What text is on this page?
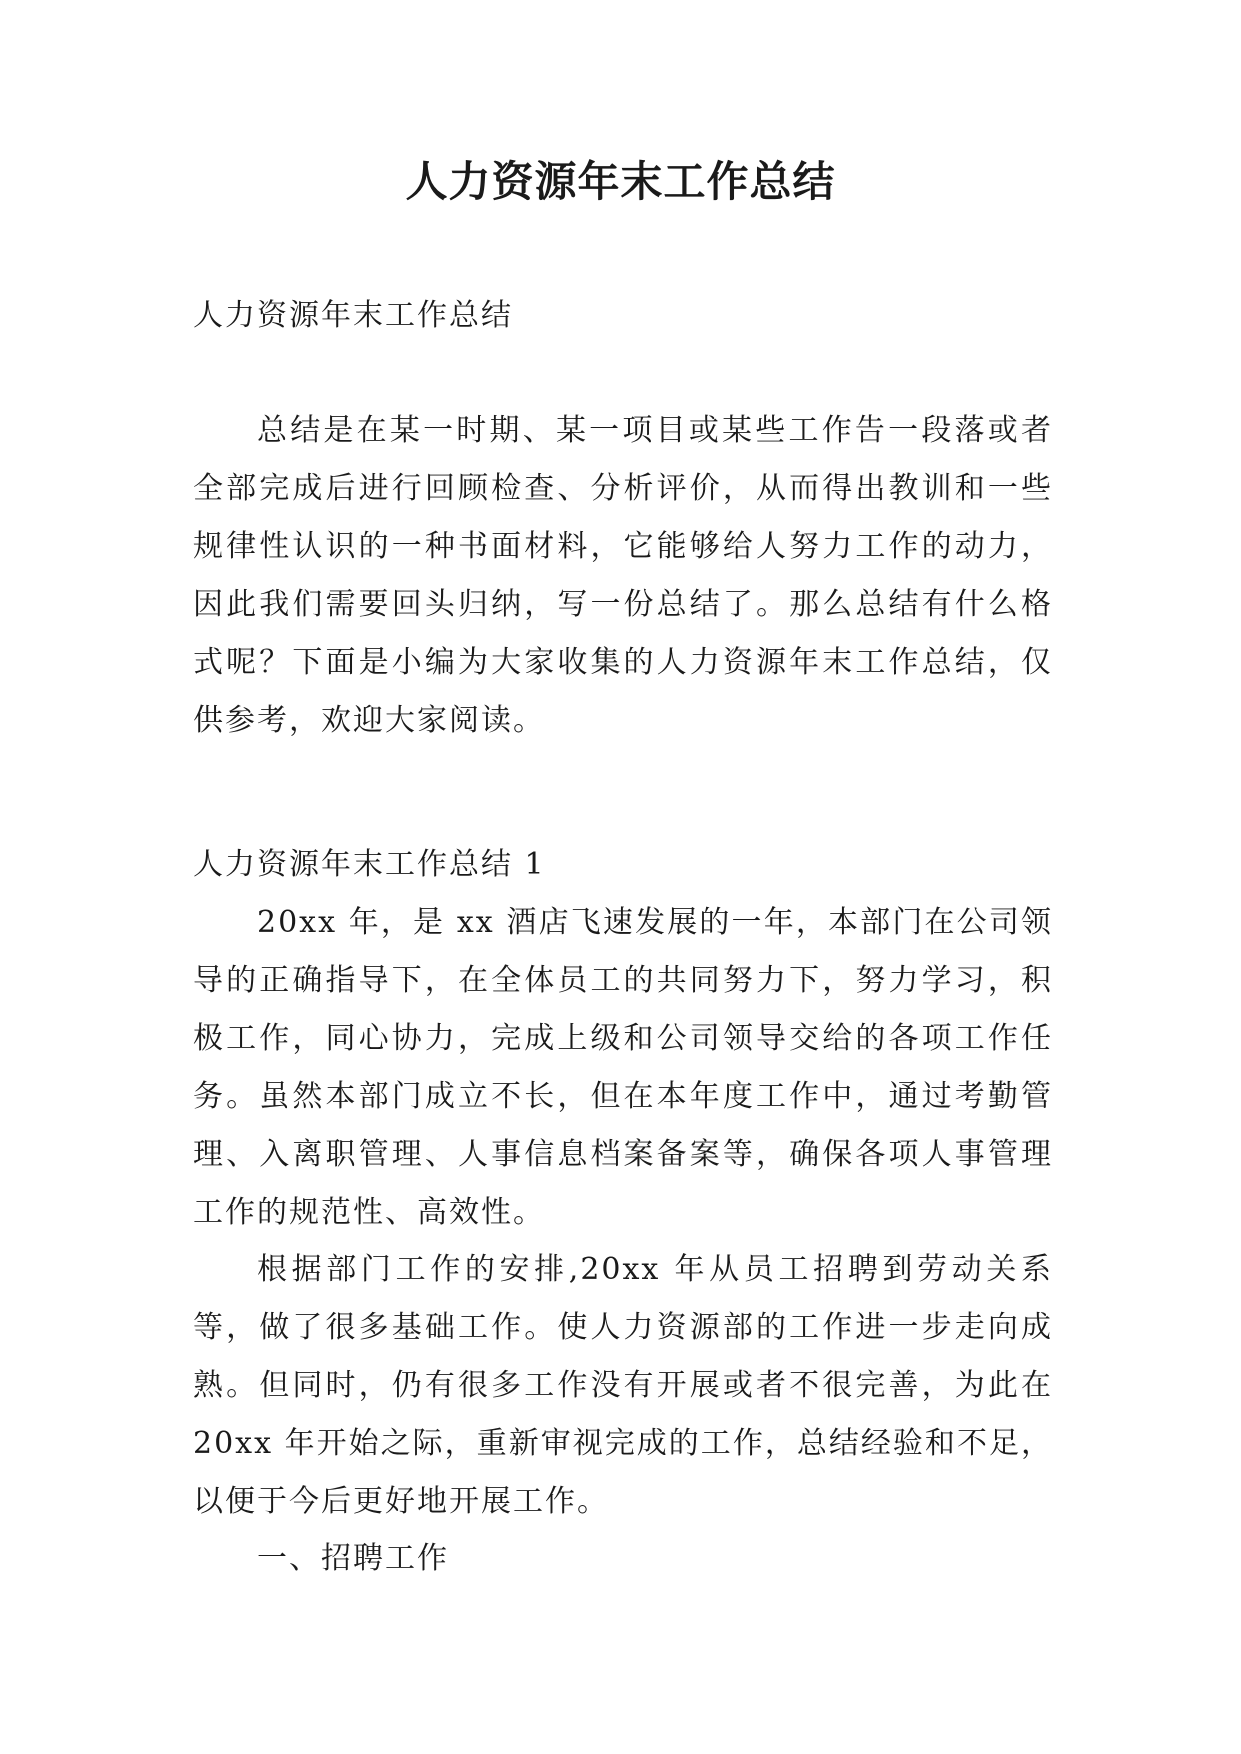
人力资源年末工作总结

人力资源年末工作总结

总结是在某一时期、某一项目或某些工作告一段落或者全部完成后进行回顾检查、分析评价，从而得出教训和一些规律性认识的一种书面材料，它能够给人努力工作的动力，因此我们需要回头归纳，写一份总结了。那么总结有什么格式呢？下面是小编为大家收集的人力资源年末工作总结，仅供参考，欢迎大家阅读。

人力资源年末工作总结 1

20xx 年，是 xx 酒店飞速发展的一年，本部门在公司领导的正确指导下，在全体员工的共同努力下，努力学习，积极工作，同心协力，完成上级和公司领导交给的各项工作任务。虽然本部门成立不长，但在本年度工作中，通过考勤管理、入离职管理、人事信息档案备案等，确保各项人事管理工作的规范性、高效性。

根据部门工作的安排,20xx 年从员工招聘到劳动关系等，做了很多基础工作。使人力资源部的工作进一步走向成熟。但同时，仍有很多工作没有开展或者不很完善，为此在 20xx 年开始之际，重新审视完成的工作，总结经验和不足，以便于今后更好地开展工作。

一、招聘工作
